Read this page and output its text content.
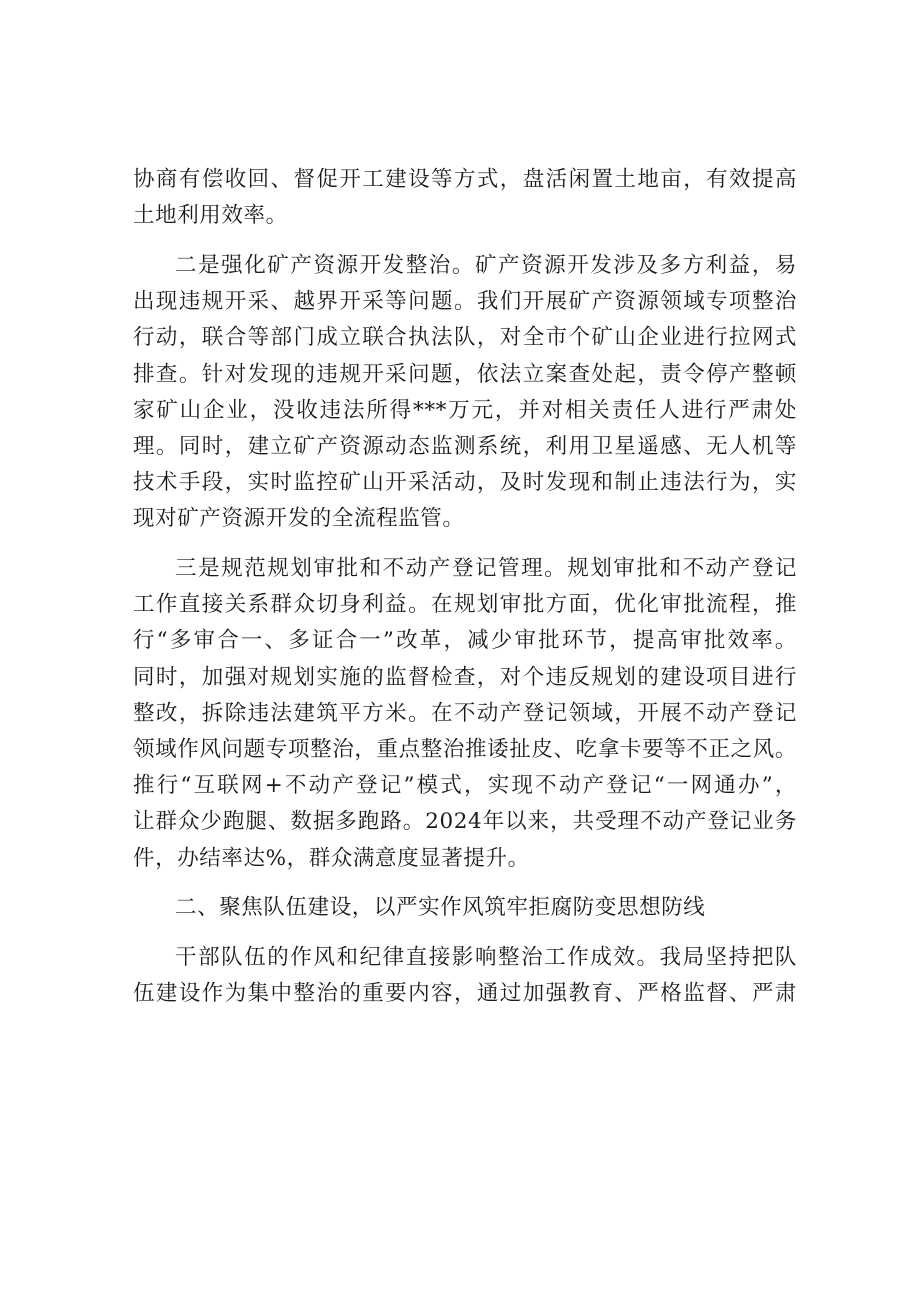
协商有偿收回、督促开工建设等方式，盘活闲置土地亩，有效提高
土地利用效率。
二是强化矿产资源开发整治。矿产资源开发涉及多方利益，易
出现违规开采、越界开采等问题。我们开展矿产资源领域专项整治
行动，联合等部门成立联合执法队，对全市个矿山企业进行拉网式
排查。针对发现的违规开采问题，依法立案查处起，责令停产整顿
家矿山企业，没收违法所得***万元，并对相关责任人进行严肃处
理。同时，建立矿产资源动态监测系统，利用卫星遥感、无人机等
技术手段，实时监控矿山开采活动，及时发现和制止违法行为，实
现对矿产资源开发的全流程监管。
三是规范规划审批和不动产登记管理。规划审批和不动产登记
工作直接关系群众切身利益。在规划审批方面，优化审批流程，推
行“多审合一、多证合一”改革，减少审批环节，提高审批效率。
同时，加强对规划实施的监督检查，对个违反规划的建设项目进行
整改，拆除违法建筑平方米。在不动产登记领域，开展不动产登记
领域作风问题专项整治，重点整治推诿扯皮、吃拿卡要等不正之风。
推行“互联网+不动产登记”模式，实现不动产登记“一网通办”，
让群众少跑腿、数据多跑路。2024年以来，共受理不动产登记业务
件，办结率达%，群众满意度显著提升。
二、聚焦队伍建设，以严实作风筑牢拒腐防变思想防线
干部队伍的作风和纪律直接影响整治工作成效。我局坚持把队
伍建设作为集中整治的重要内容，通过加强教育、严格监督、严肃
